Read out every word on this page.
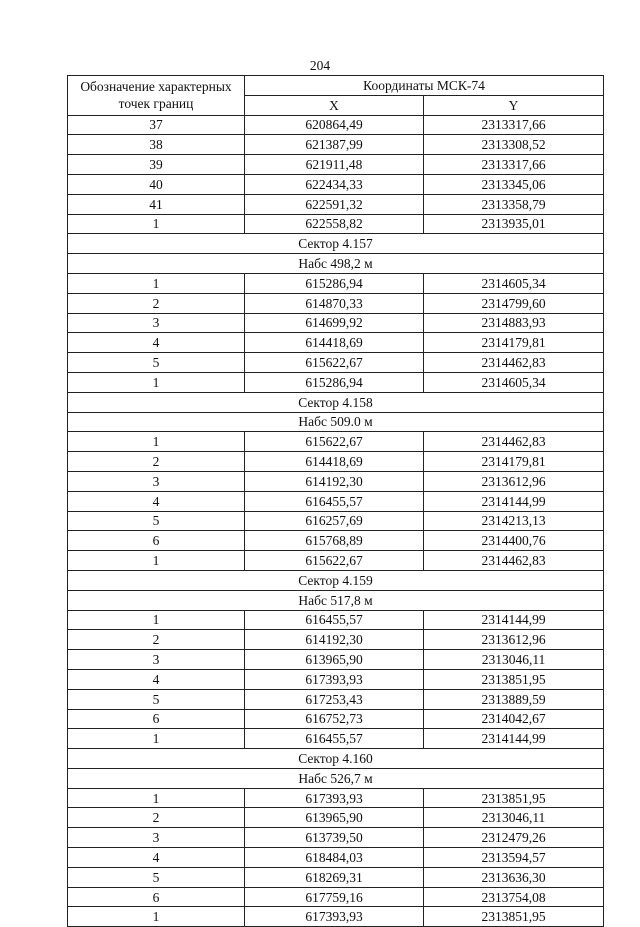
204
Обозначение характерных
точек границ	Координаты МСК-74	
	X	Y
37	620864,49	2313317,66
38	621387,99	2313308,52
39	621911,48	2313317,66
40	622434,33	2313345,06
41	622591,32	2313358,79
1	622558,82	2313935,01
Сектор 4.157		
Набс 498,2 м		
1	615286,94	2314605,34
2	614870,33	2314799,60
3	614699,92	2314883,93
4	614418,69	2314179,81
5	615622,67	2314462,83
1	615286,94	2314605,34
Сектор 4.158		
Набс 509.0 м		
1	615622,67	2314462,83
2	614418,69	2314179,81
3	614192,30	2313612,96
4	616455,57	2314144,99
5	616257,69	2314213,13
6	615768,89	2314400,76
1	615622,67	2314462,83
Сектор 4.159		
Набс 517,8 м		
1	616455,57	2314144,99
2	614192,30	2313612,96
3	613965,90	2313046,11
4	617393,93	2313851,95
5	617253,43	2313889,59
6	616752,73	2314042,67
1	616455,57	2314144,99
Сектор 4.160		
Набс 526,7 м		
1	617393,93	2313851,95
2	613965,90	2313046,11
3	613739,50	2312479,26
4	618484,03	2313594,57
5	618269,31	2313636,30
6	617759,16	2313754,08
1	617393,93	2313851,95
